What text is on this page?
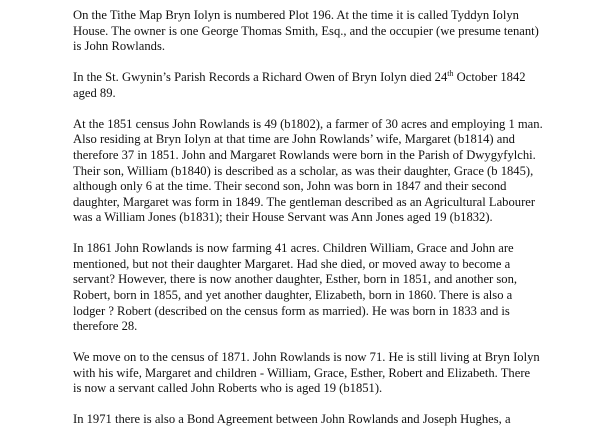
On the Tithe Map Bryn Iolyn is numbered Plot 196. At the time it is called Tyddyn Iolyn
House. The owner is one George Thomas Smith, Esq., and the occupier (we presume tenant)
is John Rowlands.

In the St. Gwynin’s Parish Records a Richard Owen of Bryn Iolyn died 24th October 1842
aged 89.

At the 1851 census John Rowlands is 49 (b1802), a farmer of 30 acres and employing 1 man.
Also residing at Bryn Iolyn at that time are John Rowlands’ wife, Margaret (b1814) and
therefore 37 in 1851. John and Margaret Rowlands were born in the Parish of Dwygyfylchi.
Their son, William (b1840) is described as a scholar, as was their daughter, Grace (b 1845),
although only 6 at the time. Their second son, John was born in 1847 and their second
daughter, Margaret was form in 1849. The gentleman described as an Agricultural Labourer
was a William Jones (b1831); their House Servant was Ann Jones aged 19 (b1832).

In 1861 John Rowlands is now farming 41 acres. Children William, Grace and John are
mentioned, but not their daughter Margaret. Had she died, or moved away to become a
servant? However, there is now another daughter, Esther, born in 1851, and another son,
Robert, born in 1855, and yet another daughter, Elizabeth, born in 1860. There is also a
lodger ? Robert (described on the census form as married). He was born in 1833 and is
therefore 28.

We move on to the census of 1871. John Rowlands is now 71. He is still living at Bryn Iolyn
with his wife, Margaret and children - William, Grace, Esther, Robert and Elizabeth. There
is now a servant called John Roberts who is aged 19 (b1851).

In 1971 there is also a Bond Agreement between John Rowlands and Joseph Hughes, a
